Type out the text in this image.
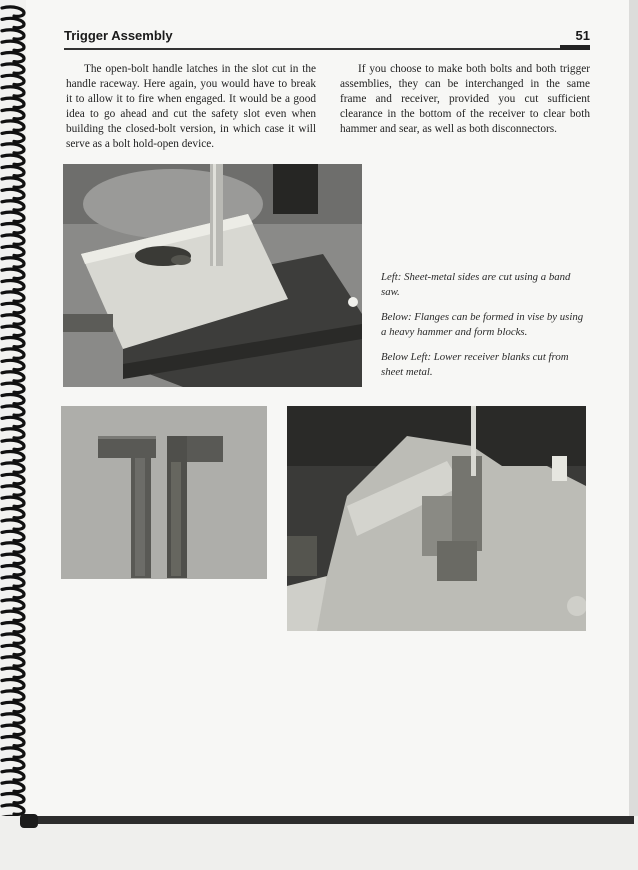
Trigger Assembly	51

The open-bolt handle latches in the slot cut in the handle raceway. Here again, you would have to break it to allow it to fire when engaged. It would be a good idea to go ahead and cut the safety slot even when building the closed-bolt version, in which case it will serve as a bolt hold-open device.

If you choose to make both bolts and both trigger assemblies, they can be interchanged in the same frame and receiver, provided you cut sufficient clearance in the bottom of the receiver to clear both hammer and sear, as well as both disconnectors.

Left: Sheet-metal sides are cut using a band saw.

Below: Flanges can be formed in vise by using a heavy hammer and form blocks.

Below Left: Lower receiver blanks cut from sheet metal.
